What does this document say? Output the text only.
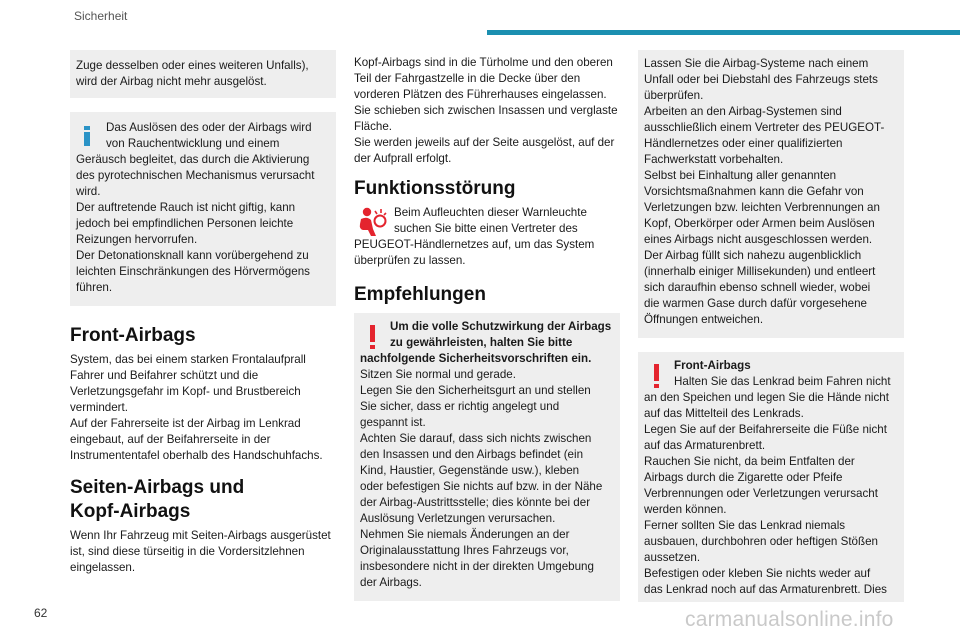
Sicherheit

Zuge desselben oder eines weiteren Unfalls),

wird der Airbag nicht mehr ausgelöst.

Das Auslösen des oder der Airbags wird

von Rauchentwicklung und einem

Geräusch begleitet, das durch die Aktivierung

des pyrotechnischen Mechanismus verursacht

wird.

Der auftretende Rauch ist nicht giftig, kann

jedoch bei empfindlichen Personen leichte

Reizungen hervorrufen.

Der Detonationsknall kann vorübergehend zu

leichten Einschränkungen des Hörvermögens

führen.

Front-Airbags

System, das bei einem starken Frontalaufprall

Fahrer und Beifahrer schützt und die

Verletzungsgefahr im Kopf- und Brustbereich

vermindert.

Auf der Fahrerseite ist der Airbag im Lenkrad

eingebaut, auf der Beifahrerseite in der

Instrumententafel oberhalb des Handschuhfachs.

Seiten-Airbags und
Kopf-Airbags

Wenn Ihr Fahrzeug mit Seiten-Airbags ausgerüstet

ist, sind diese türseitig in die Vordersitzlehnen

eingelassen.

Kopf-Airbags sind in die Türholme und den oberen

Teil der Fahrgastzelle in die Decke über den

vorderen Plätzen des Führerhauses eingelassen.

Sie schieben sich zwischen Insassen und verglaste

Fläche.

Sie werden jeweils auf der Seite ausgelöst, auf der

der Aufprall erfolgt.

Funktionsstörung

Beim Aufleuchten dieser Warnleuchte

suchen Sie bitte einen Vertreter des

PEUGEOT-Händlernetzes auf, um das System

überprüfen zu lassen.

Empfehlungen

Um die volle Schutzwirkung der Airbags

zu gewährleisten, halten Sie bitte

nachfolgende Sicherheitsvorschriften ein.

Sitzen Sie normal und gerade.

Legen Sie den Sicherheitsgurt an und stellen

Sie sicher, dass er richtig angelegt und

gespannt ist.

Achten Sie darauf, dass sich nichts zwischen

den Insassen und den Airbags befindet (ein

Kind, Haustier, Gegenstände usw.), kleben

oder befestigen Sie nichts auf bzw. in der Nähe

der Airbag-Austrittsstelle; dies könnte bei der

Auslösung Verletzungen verursachen.

Nehmen Sie niemals Änderungen an der

Originalausstattung Ihres Fahrzeugs vor,

insbesondere nicht in der direkten Umgebung

der Airbags.

Lassen Sie die Airbag-Systeme nach einem

Unfall oder bei Diebstahl des Fahrzeugs stets

überprüfen.

Arbeiten an den Airbag-Systemen sind

ausschließlich einem Vertreter des PEUGEOT-

Händlernetzes oder einer qualifizierten

Fachwerkstatt vorbehalten.

Selbst bei Einhaltung aller genannten

Vorsichtsmaßnahmen kann die Gefahr von

Verletzungen bzw. leichten Verbrennungen an

Kopf, Oberkörper oder Armen beim Auslösen

eines Airbags nicht ausgeschlossen werden.

Der Airbag füllt sich nahezu augenblicklich

(innerhalb einiger Millisekunden) und entleert

sich daraufhin ebenso schnell wieder, wobei

die warmen Gase durch dafür vorgesehene

Öffnungen entweichen.

Front-Airbags

Halten Sie das Lenkrad beim Fahren nicht

an den Speichen und legen Sie die Hände nicht

auf das Mittelteil des Lenkrads.

Legen Sie auf der Beifahrerseite die Füße nicht

auf das Armaturenbrett.

Rauchen Sie nicht, da beim Entfalten der

Airbags durch die Zigarette oder Pfeife

Verbrennungen oder Verletzungen verursacht

werden können.

Ferner sollten Sie das Lenkrad niemals

ausbauen, durchbohren oder heftigen Stößen

aussetzen.

Befestigen oder kleben Sie nichts weder auf

das Lenkrad noch auf das Armaturenbrett. Dies

62	carmanualsonline.info
